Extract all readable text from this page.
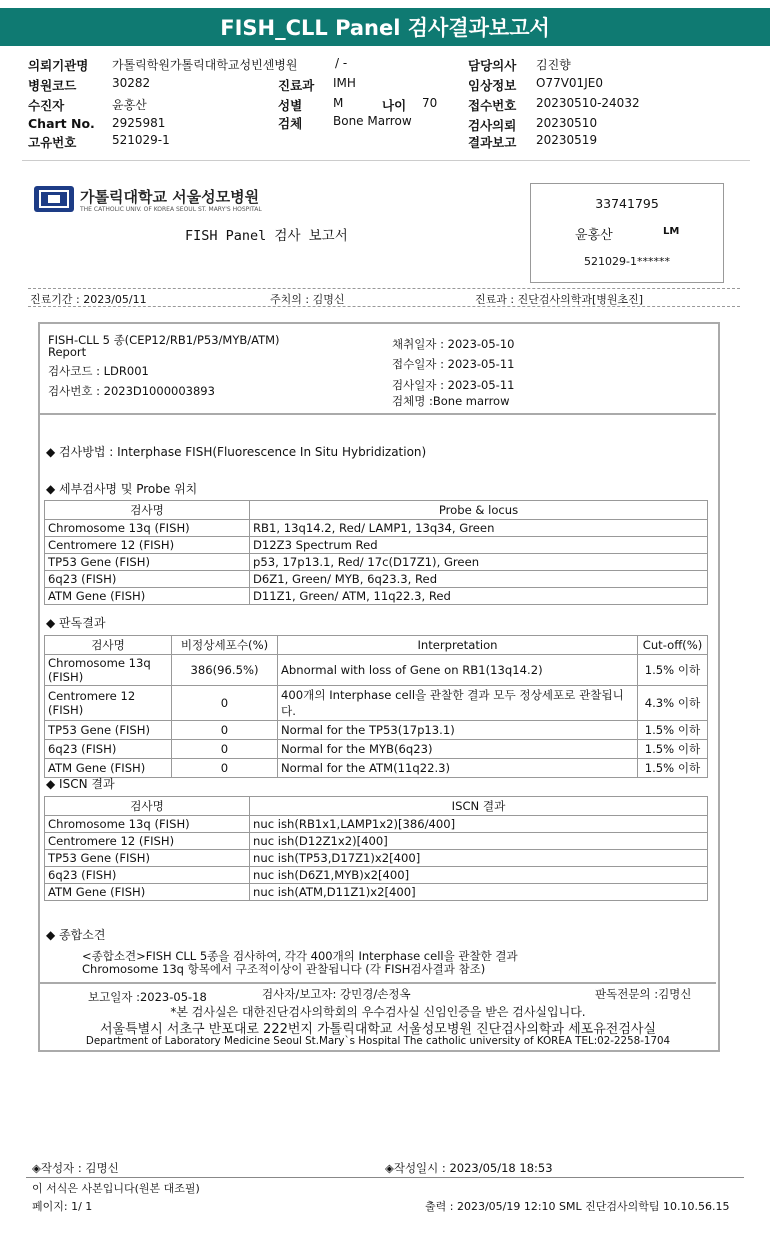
FISH_CLL Panel 검사결과보고서
의뢰기관명 가톨릭학원가톨릭대학교성빈센병원	/ -	담당의사 김진향
병원코드	30282	진료과 IMH	임상정보 O77V01JE0
수진자	윤홍산	성별	M	나이 70 접수번호 20230510-24032
Chart No. 2925981	검체	Bone Marrow	검사의뢰 20230510
고유번호	521029-1	결과보고 20230519
가톨릭대학교 서울성모병원
THE CATHOLIC UNIV. OF KOREA SEOUL ST. MARY'S HOSPITAL
FISH Panel 검사 보고서
33741795
윤홍산	LM
521029-1******
진료기간 : 2023/05/11	주치의 : 김명신	진료과 : 진단검사의학과[병원초진]
FISH-CLL 5 종(CEP12/RB1/P53/MYB/ATM)
Report
검사코드 : LDR001
검사번호 : 2023D1000003893
채취일자 : 2023-05-10
접수일자 : 2023-05-11
검사일자 : 2023-05-11
검체명 :Bone marrow
◆ 검사방법 : Interphase FISH(Fluorescence In Situ Hybridization)
◆ 세부검사명 및 Probe 위치
검사명	Probe & locus
Chromosome 13q (FISH)	RB1, 13q14.2, Red/ LAMP1, 13q34, Green
Centromere 12 (FISH)	D12Z3 Spectrum Red
TP53 Gene (FISH)	p53, 17p13.1, Red/ 17c(D17Z1), Green
6q23 (FISH)	D6Z1, Green/ MYB, 6q23.3, Red
ATM Gene (FISH)	D11Z1, Green/ ATM, 11q22.3, Red
◆ 판독결과
검사명	비정상세포수(%)	Interpretation	Cut-off(%)
Chromosome 13q (FISH)	386(96.5%)	Abnormal with loss of Gene on RB1(13q14.2)	1.5% 이하
Centromere 12 (FISH)	0	400개의 Interphase cell을 관찰한 결과 모두 정상세포로 관찰됩니다.	4.3% 이하
TP53 Gene (FISH)	0	Normal for the TP53(17p13.1)	1.5% 이하
6q23 (FISH)	0	Normal for the MYB(6q23)	1.5% 이하
ATM Gene (FISH)	0	Normal for the ATM(11q22.3)	1.5% 이하
◆ ISCN 결과
검사명	ISCN 결과
Chromosome 13q (FISH)	nuc ish(RB1x1,LAMP1x2)[386/400]
Centromere 12 (FISH)	nuc ish(D12Z1x2)[400]
TP53 Gene (FISH)	nuc ish(TP53,D17Z1)x2[400]
6q23 (FISH)	nuc ish(D6Z1,MYB)x2[400]
ATM Gene (FISH)	nuc ish(ATM,D11Z1)x2[400]
◆ 종합소견
<종합소견>FISH CLL 5종을 검사하여, 각각 400개의 Interphase cell을 관찰한 결과
Chromosome 13q 항목에서 구조적이상이 관찰됩니다 (각 FISH검사결과 참조)
보고일자 :2023-05-18	검사자/보고자: 강민경/손정옥	판독전문의 :김명신
*본 검사실은 대한진단검사의학회의 우수검사실 신임인증을 받은 검사실입니다.
서울특별시 서초구 반포대로 222번지 가톨릭대학교 서울성모병원 진단검사의학과 세포유전검사실
Department of Laboratory Medicine Seoul St.Mary`s Hospital The catholic university of KOREA TEL:02-2258-1704
◈작성자 : 김명신	◈작성일시 : 2023/05/18 18:53
이 서식은 사본입니다(원본 대조필)
페이지: 1/ 1	출력 : 2023/05/19 12:10 SML 진단검사의학팀 10.10.56.15
